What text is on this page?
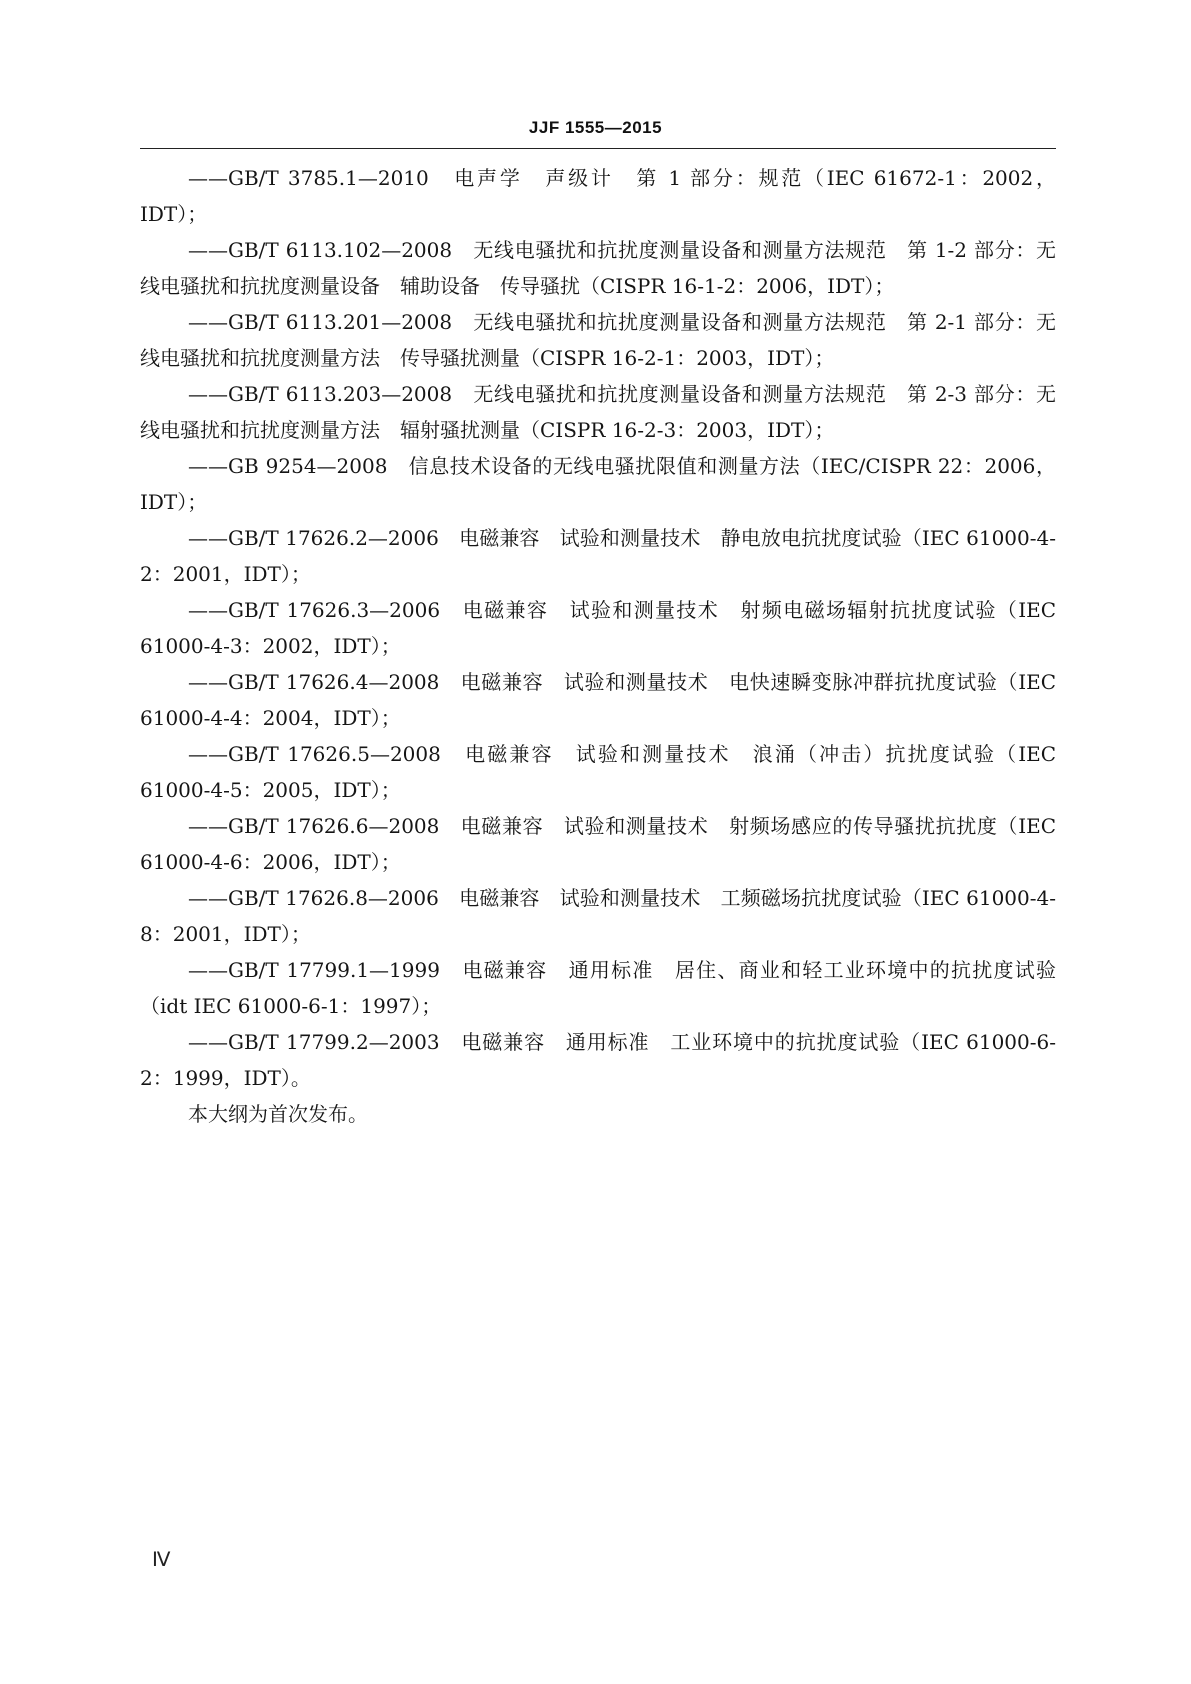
JJF 1555—2015

——GB/T 3785.1—2010　电声学　声级计　第 1 部分：规范（IEC 61672-1：2002，IDT）；

——GB/T 6113.102—2008　无线电骚扰和抗扰度测量设备和测量方法规范　第 1-2 部分：无线电骚扰和抗扰度测量设备　辅助设备　传导骚扰（CISPR 16-1-2：2006，IDT）；

——GB/T 6113.201—2008　无线电骚扰和抗扰度测量设备和测量方法规范　第 2-1 部分：无线电骚扰和抗扰度测量方法　传导骚扰测量（CISPR 16-2-1：2003，IDT）；

——GB/T 6113.203—2008　无线电骚扰和抗扰度测量设备和测量方法规范　第 2-3 部分：无线电骚扰和抗扰度测量方法　辐射骚扰测量（CISPR 16-2-3：2003，IDT）；

——GB 9254—2008　信息技术设备的无线电骚扰限值和测量方法（IEC/CISPR 22：2006，IDT）；

——GB/T 17626.2—2006　电磁兼容　试验和测量技术　静电放电抗扰度试验（IEC 61000-4-2：2001，IDT）；

——GB/T 17626.3—2006　电磁兼容　试验和测量技术　射频电磁场辐射抗扰度试验（IEC 61000-4-3：2002，IDT）；

——GB/T 17626.4—2008　电磁兼容　试验和测量技术　电快速瞬变脉冲群抗扰度试验（IEC 61000-4-4：2004，IDT）；

——GB/T 17626.5—2008　电磁兼容　试验和测量技术　浪涌（冲击）抗扰度试验（IEC 61000-4-5：2005，IDT）；

——GB/T 17626.6—2008　电磁兼容　试验和测量技术　射频场感应的传导骚扰抗扰度（IEC 61000-4-6：2006，IDT）；

——GB/T 17626.8—2006　电磁兼容　试验和测量技术　工频磁场抗扰度试验（IEC 61000-4-8：2001，IDT）；

——GB/T 17799.1—1999　电磁兼容　通用标准　居住、商业和轻工业环境中的抗扰度试验（idt IEC 61000-6-1：1997）；

——GB/T 17799.2—2003　电磁兼容　通用标准　工业环境中的抗扰度试验（IEC 61000-6-2：1999，IDT）。

本大纲为首次发布。

Ⅳ
